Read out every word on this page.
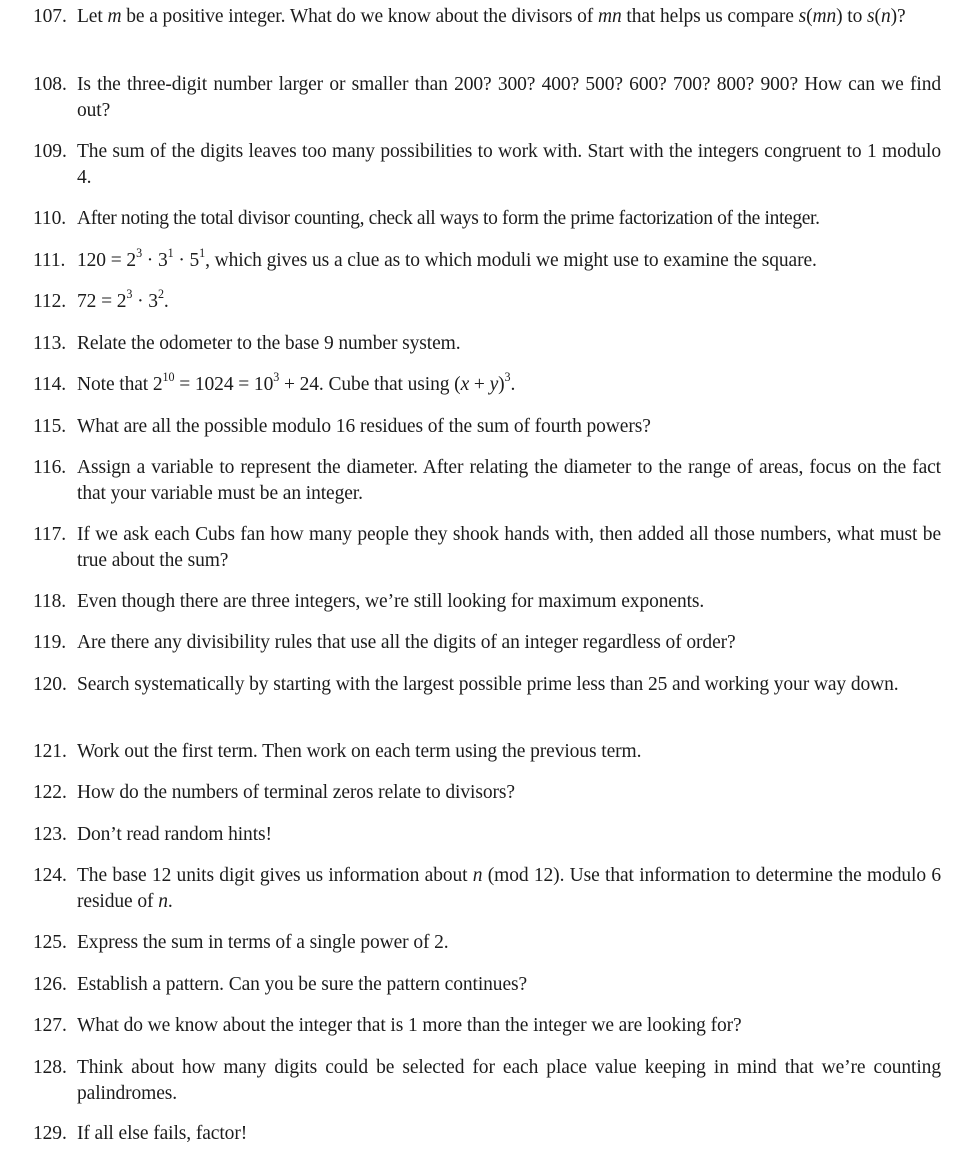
107. Let m be a positive integer. What do we know about the divisors of mn that helps us compare s(mn) to s(n)?
108. Is the three-digit number larger or smaller than 200? 300? 400? 500? 600? 700? 800? 900? How can we find out?
109. The sum of the digits leaves too many possibilities to work with. Start with the integers congruent to 1 modulo 4.
110. After noting the total divisor counting, check all ways to form the prime factorization of the integer.
111. $120 = 2^3 \cdot 3^1 \cdot 5^1$, which gives us a clue as to which moduli we might use to examine the square.
112. $72 = 2^3 \cdot 3^2$.
113. Relate the odometer to the base 9 number system.
114. Note that $2^{10} = 1024 = 10^3 + 24$. Cube that using $(x + y)^3$.
115. What are all the possible modulo 16 residues of the sum of fourth powers?
116. Assign a variable to represent the diameter. After relating the diameter to the range of areas, focus on the fact that your variable must be an integer.
117. If we ask each Cubs fan how many people they shook hands with, then added all those numbers, what must be true about the sum?
118. Even though there are three integers, we’re still looking for maximum exponents.
119. Are there any divisibility rules that use all the digits of an integer regardless of order?
120. Search systematically by starting with the largest possible prime less than 25 and working your way down.
121. Work out the first term. Then work on each term using the previous term.
122. How do the numbers of terminal zeros relate to divisors?
123. Don’t read random hints!
124. The base 12 units digit gives us information about n (mod 12). Use that information to determine the modulo 6 residue of n.
125. Express the sum in terms of a single power of 2.
126. Establish a pattern. Can you be sure the pattern continues?
127. What do we know about the integer that is 1 more than the integer we are looking for?
128. Think about how many digits could be selected for each place value keeping in mind that we’re counting palindromes.
129. If all else fails, factor!
